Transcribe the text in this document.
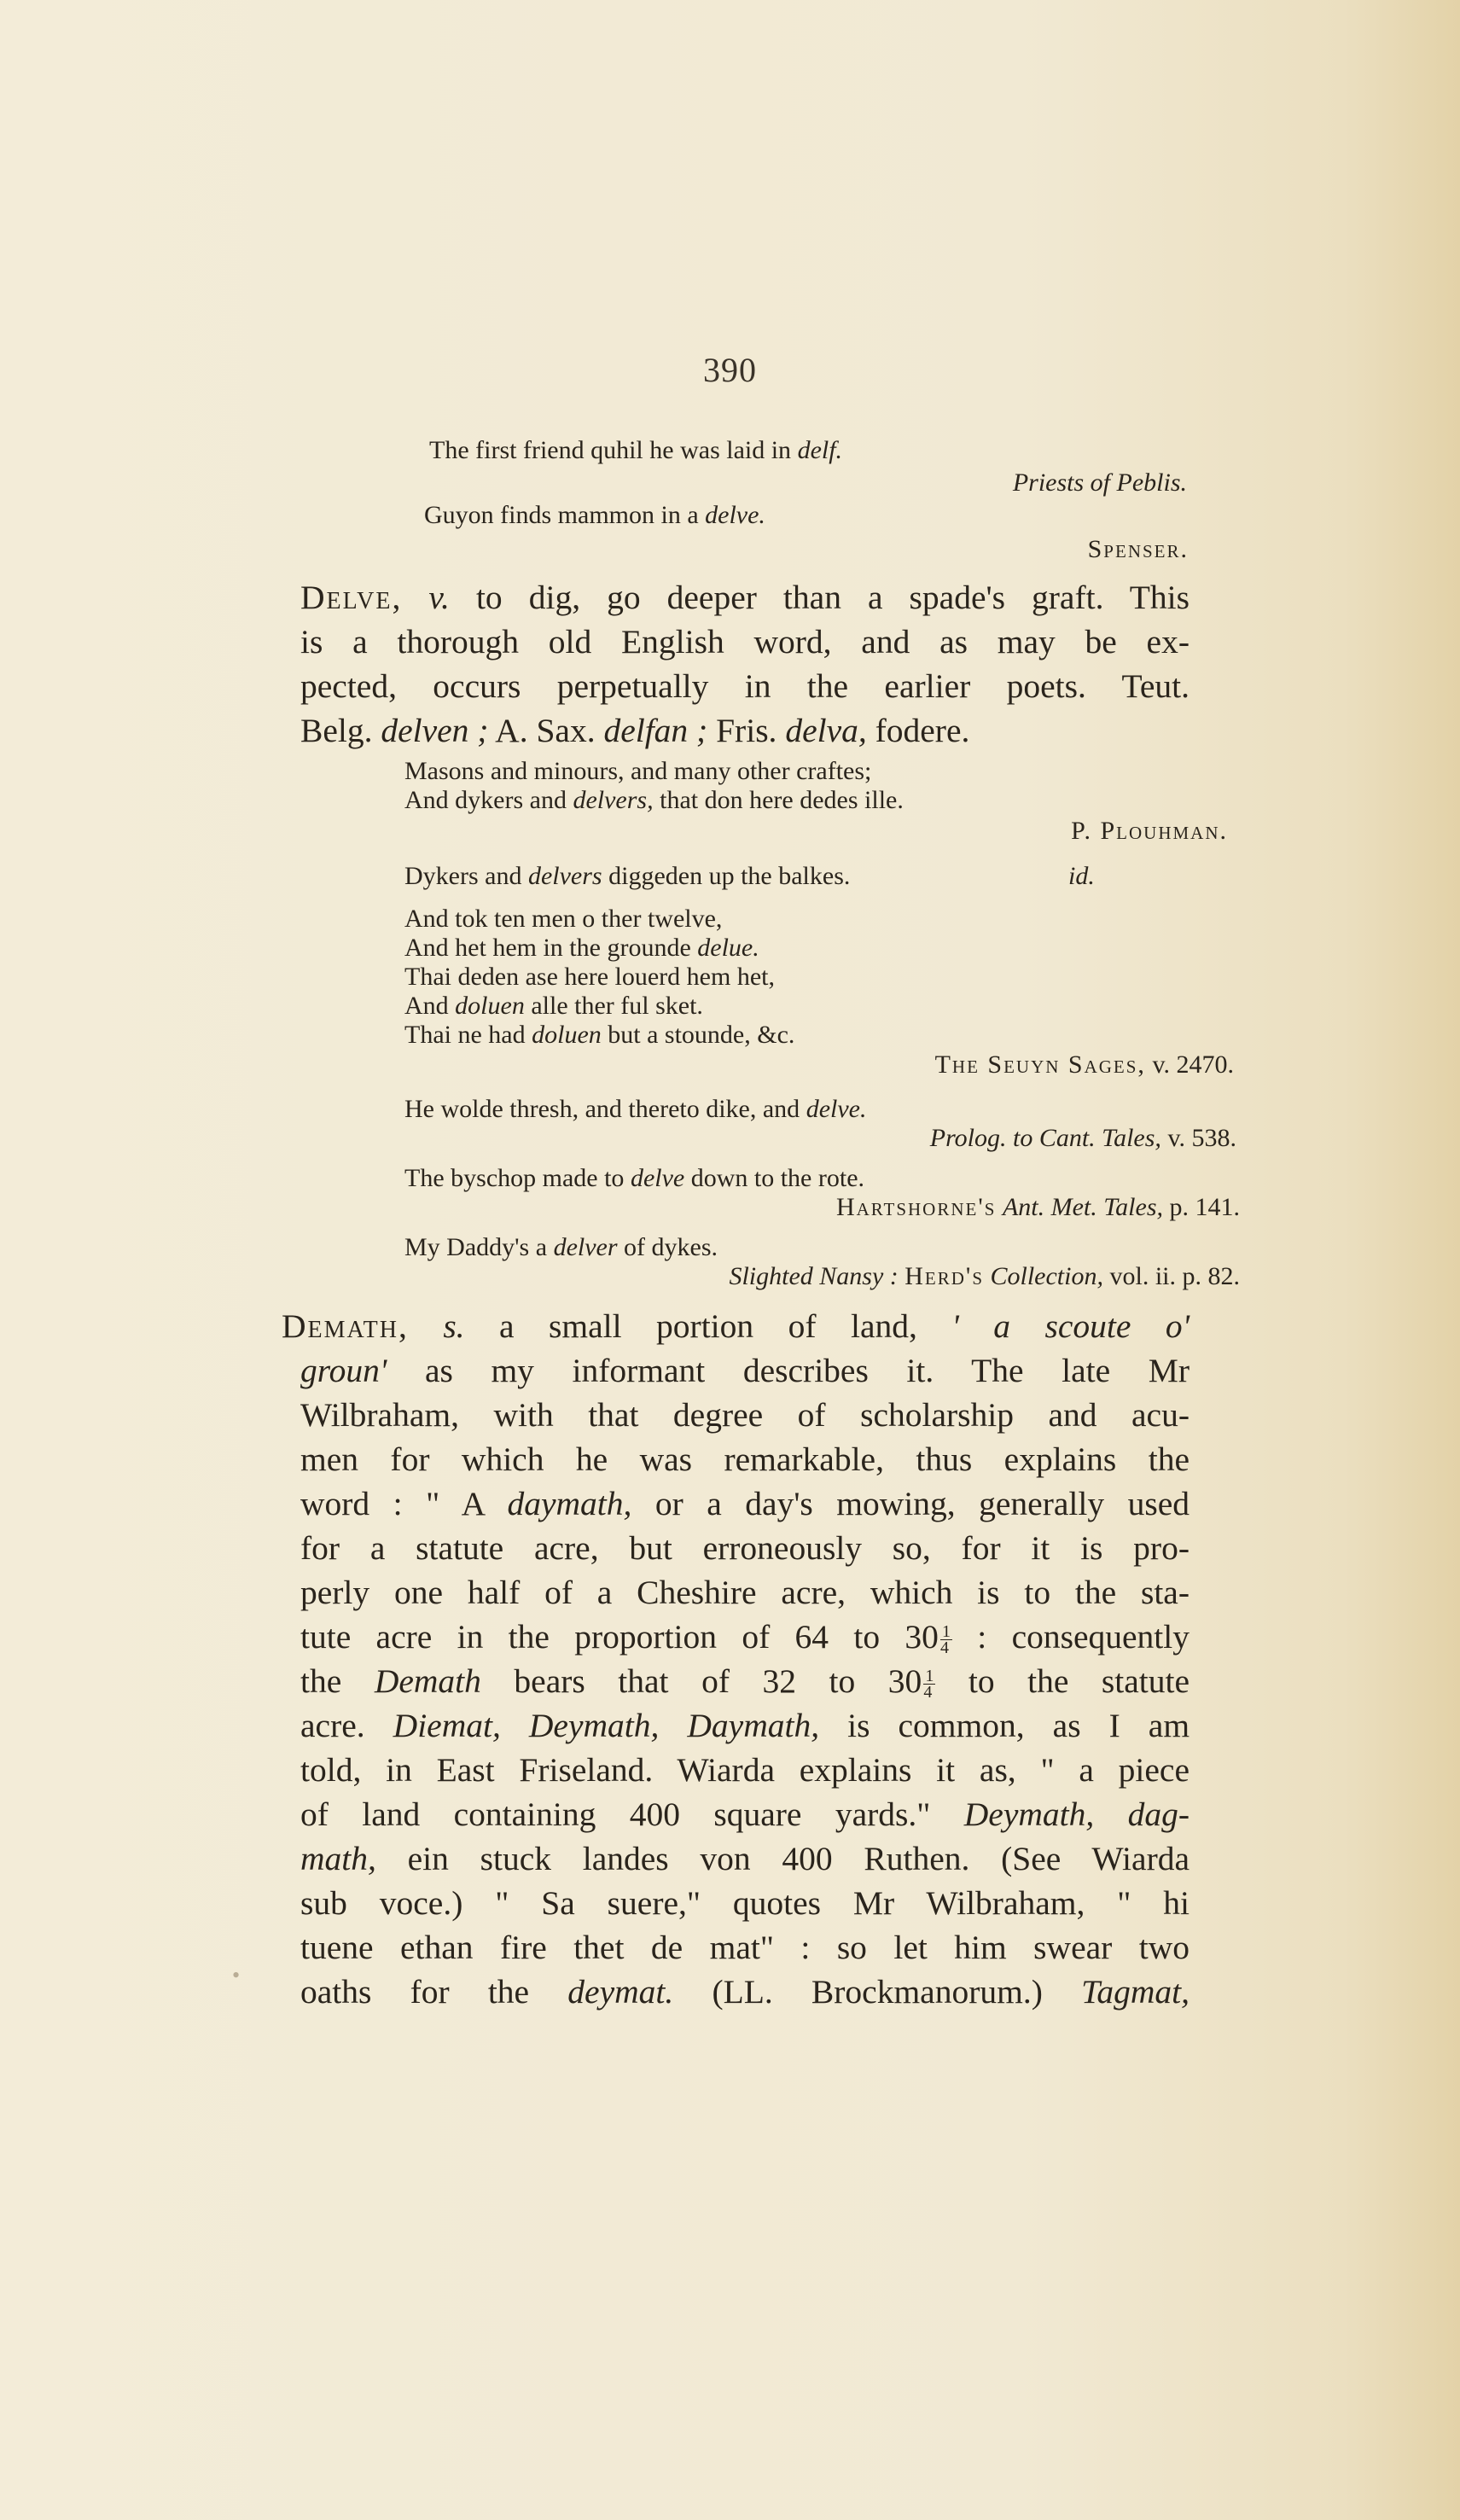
390
The first friend quhil he was laid in delf.
Priests of Peblis.
Guyon finds mammon in a delve.
Spenser.
Delve, v. to dig, go deeper than a spade's graft. This
is a thorough old English word, and as may be ex-
pected, occurs perpetually in the earlier poets. Teut.
Belg. delven ; A. Sax. delfan ; Fris. delva, fodere.
Masons and minours, and many other craftes;
And dykers and delvers, that don here dedes ille.
P. Plouhman.
Dykers and delvers diggeden up the balkes.	id.
And tok ten men o ther twelve,
And het hem in the grounde delue.
Thai deden ase here louerd hem het,
And doluen alle ther ful sket.
Thai ne had doluen but a stounde, &c.
The Seuyn Sages, v. 2470.
He wolde thresh, and thereto dike, and delve.
Prolog. to Cant. Tales, v. 538.
The byschop made to delve down to the rote.
Hartshorne's Ant. Met. Tales, p. 141.
My Daddy's a delver of dykes.
Slighted Nansy : Herd's Collection, vol. ii. p. 82.
Demath, s. a small portion of land, ' a scoute o'
groun' as my informant describes it. The late Mr
Wilbraham, with that degree of scholarship and acu-
men for which he was remarkable, thus explains the
word : " A daymath, or a day's mowing, generally used
for a statute acre, but erroneously so, for it is pro-
perly one half of a Cheshire acre, which is to the sta-
tute acre in the proportion of 64 to $30 \frac{1}{4}$ : consequently
the Demath bears that of 32 to $30 \frac{1}{4}$ to the statute
acre. Diemat, Deymath, Daymath, is common, as I am
told, in East Friseland. Wiarda explains it as, " a piece
of land containing 400 square yards." Deymath, dag-
math, ein stuck landes von 400 Ruthen. (See Wiarda
sub voce.) " Sa suere," quotes Mr Wilbraham, " hi
tuene ethan fire thet de mat" : so let him swear two
oaths for the deymat. (LL. Brockmanorum.) Tagmat,
•
